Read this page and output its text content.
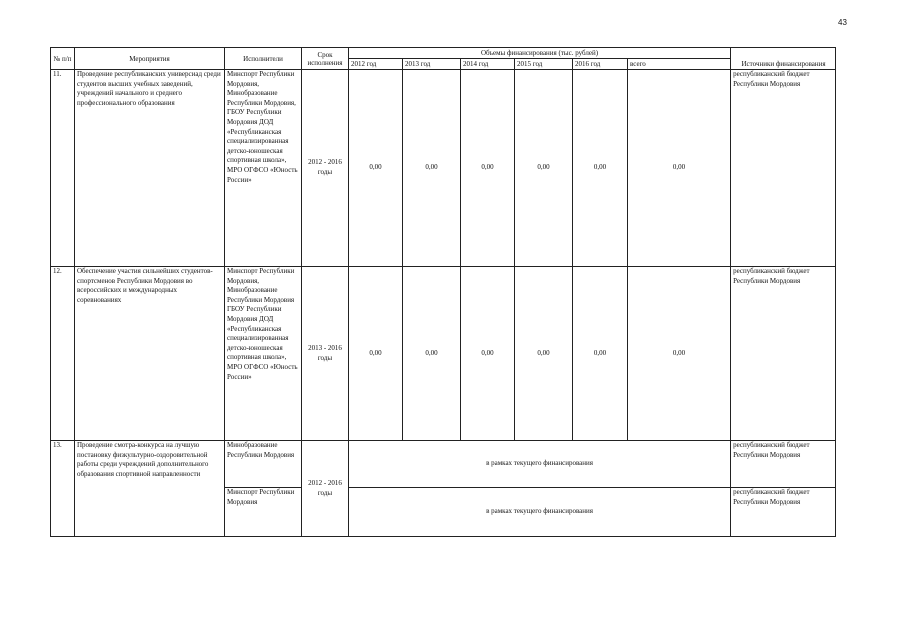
43
№ п/п	Мероприятия	Исполнители	Срок исполнения	Объемы финансирования (тыс. рублей)						
				2012 год	2013 год	2014 год	2015 год	2016 год	всего	Источники финансирования
11.	Проведение республиканских универсиад среди студентов высших учебных заведений, учреждений начального и среднего профессионального образования	Минспорт Республики Мордовия, Минобразование Республики Мордовия, ГБОУ Республики Мордовия ДОД «Республиканская специализированная детско-юношеская спортивная школа», МРО ОГФСО «Юность России»	2012 - 2016 годы	0,00	0,00	0,00	0,00	0,00	0,00	республиканский бюджет Республики Мордовия
12.	Обеспечение участия сильнейших студентов-спортсменов Республики Мордовия во всероссийских и международных соревнованиях	Минспорт Республики Мордовия, Минобразование Республики Мордовия ГБОУ Республики Мордовия ДОД «Республиканская специализированная детско-юношеская спортивная школа», МРО ОГФСО «Юность России»	2013 - 2016 годы	0,00	0,00	0,00	0,00	0,00	0,00	республиканский бюджет Республики Мордовия
13.	Проведение смотра-конкурса на лучшую постановку физкультурно-оздоровительной работы среди учреждений дополнительного образования спортивной направленности	Минобразование Республики Мордовия	2012 - 2016 годы	в рамках текущего финансирования						республиканский бюджет Республики Мордовия
		Минспорт Республики Мордовия		в рамках текущего финансирования						республиканский бюджет Республики Мордовия
